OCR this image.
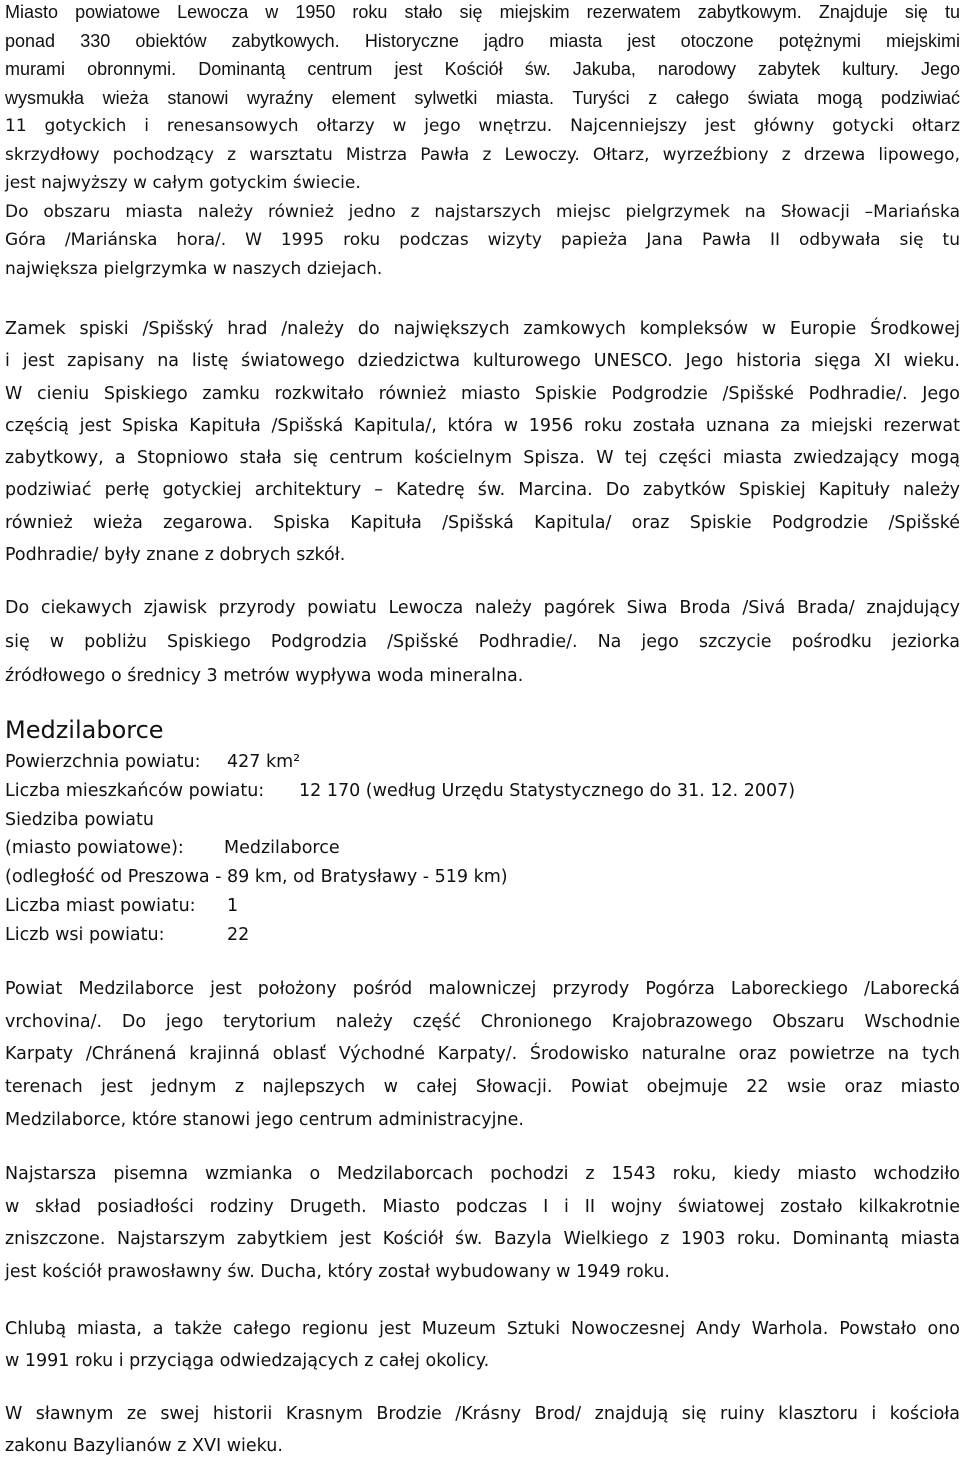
Miasto powiatowe Lewocza w 1950 roku stało się miejskim rezerwatem zabytkowym. Znajduje się tu
ponad 330 obiektów zabytkowych. Historyczne jądro miasta jest otoczone potężnymi miejskimi
murami obronnymi. Dominantą centrum jest Kościół św. Jakuba, narodowy zabytek kultury. Jego
wysmukła wieża stanowi wyraźny element sylwetki miasta. Turyści z całego świata mogą podziwiać
11 gotyckich i renesansowych ołtarzy w jego wnętrzu. Najcenniejszy jest główny gotycki ołtarz
skrzydłowy pochodzący z warsztatu Mistrza Pawła z Lewoczy. Ołtarz, wyrzeźbiony z drzewa lipowego,
jest najwyższy w całym gotyckim świecie.
Do obszaru miasta należy również jedno z najstarszych miejsc pielgrzymek na Słowacji –Mariańska
Góra /Mariánska hora/. W 1995 roku podczas wizyty papieża Jana Pawła II odbywała się tu
największa pielgrzymka w naszych dziejach.
Zamek spiski /Spišský hrad /należy do największych zamkowych kompleksów w Europie Środkowej
i jest zapisany na listę światowego dziedzictwa kulturowego UNESCO. Jego historia sięga XI wieku.
W cieniu Spiskiego zamku rozkwitało również miasto Spiskie Podgrodzie /Spišské Podhradie/. Jego
częścią jest Spiska Kapituła /Spišská Kapitula/, która w 1956 roku została uznana za miejski rezerwat
zabytkowy, a Stopniowo stała się centrum kościelnym Spisza. W tej części miasta zwiedzający mogą
podziwiać perłę gotyckiej architektury – Katedrę św. Marcina. Do zabytków Spiskiej Kapituły należy
również wieża zegarowa. Spiska Kapituła /Spišská Kapitula/ oraz Spiskie Podgrodzie /Spišské
Podhradie/ były znane z dobrych szkół.
Do ciekawych zjawisk przyrody powiatu Lewocza należy pagórek Siwa Broda /Sivá Brada/ znajdujący
się w pobliżu Spiskiego Podgrodzia /Spišské Podhradie/. Na jego szczycie pośrodku jeziorka
źródłowego o średnicy 3 metrów wypływa woda mineralna.
Medzilaborce
Powierzchnia powiatu: 427 km²
Liczba mieszkańców powiatu: 12 170 (według Urzędu Statystycznego do 31. 12. 2007)
Siedziba powiatu
(miasto powiatowe): Medzilaborce
(odległość od Preszowa - 89 km, od Bratysławy - 519 km)
Liczba miast powiatu: 1
Liczb wsi powiatu:	22
Powiat Medzilaborce jest położony pośród malowniczej przyrody Pogórza Laboreckiego /Laborecká
vrchovina/. Do jego terytorium należy część Chronionego Krajobrazowego Obszaru Wschodnie
Karpaty /Chránená krajinná oblasť Východné Karpaty/. Środowisko naturalne oraz powietrze na tych
terenach jest jednym z najlepszych w całej Słowacji. Powiat obejmuje 22 wsie oraz miasto
Medzilaborce, które stanowi jego centrum administracyjne.
Najstarsza pisemna wzmianka o Medzilaborcach pochodzi z 1543 roku, kiedy miasto wchodziło
w skład posiadłości rodziny Drugeth. Miasto podczas I i II wojny światowej zostało kilkakrotnie
zniszczone. Najstarszym zabytkiem jest Kościół św. Bazyla Wielkiego z 1903 roku. Dominantą miasta
jest kościół prawosławny św. Ducha, który został wybudowany w 1949 roku.
Chlubą miasta, a także całego regionu jest Muzeum Sztuki Nowoczesnej Andy Warhola. Powstało ono
w 1991 roku i przyciąga odwiedzających z całej okolicy.
W sławnym ze swej historii Krasnym Brodzie /Krásny Brod/ znajdują się ruiny klasztoru i kościoła
zakonu Bazylianów z XVI wieku.
